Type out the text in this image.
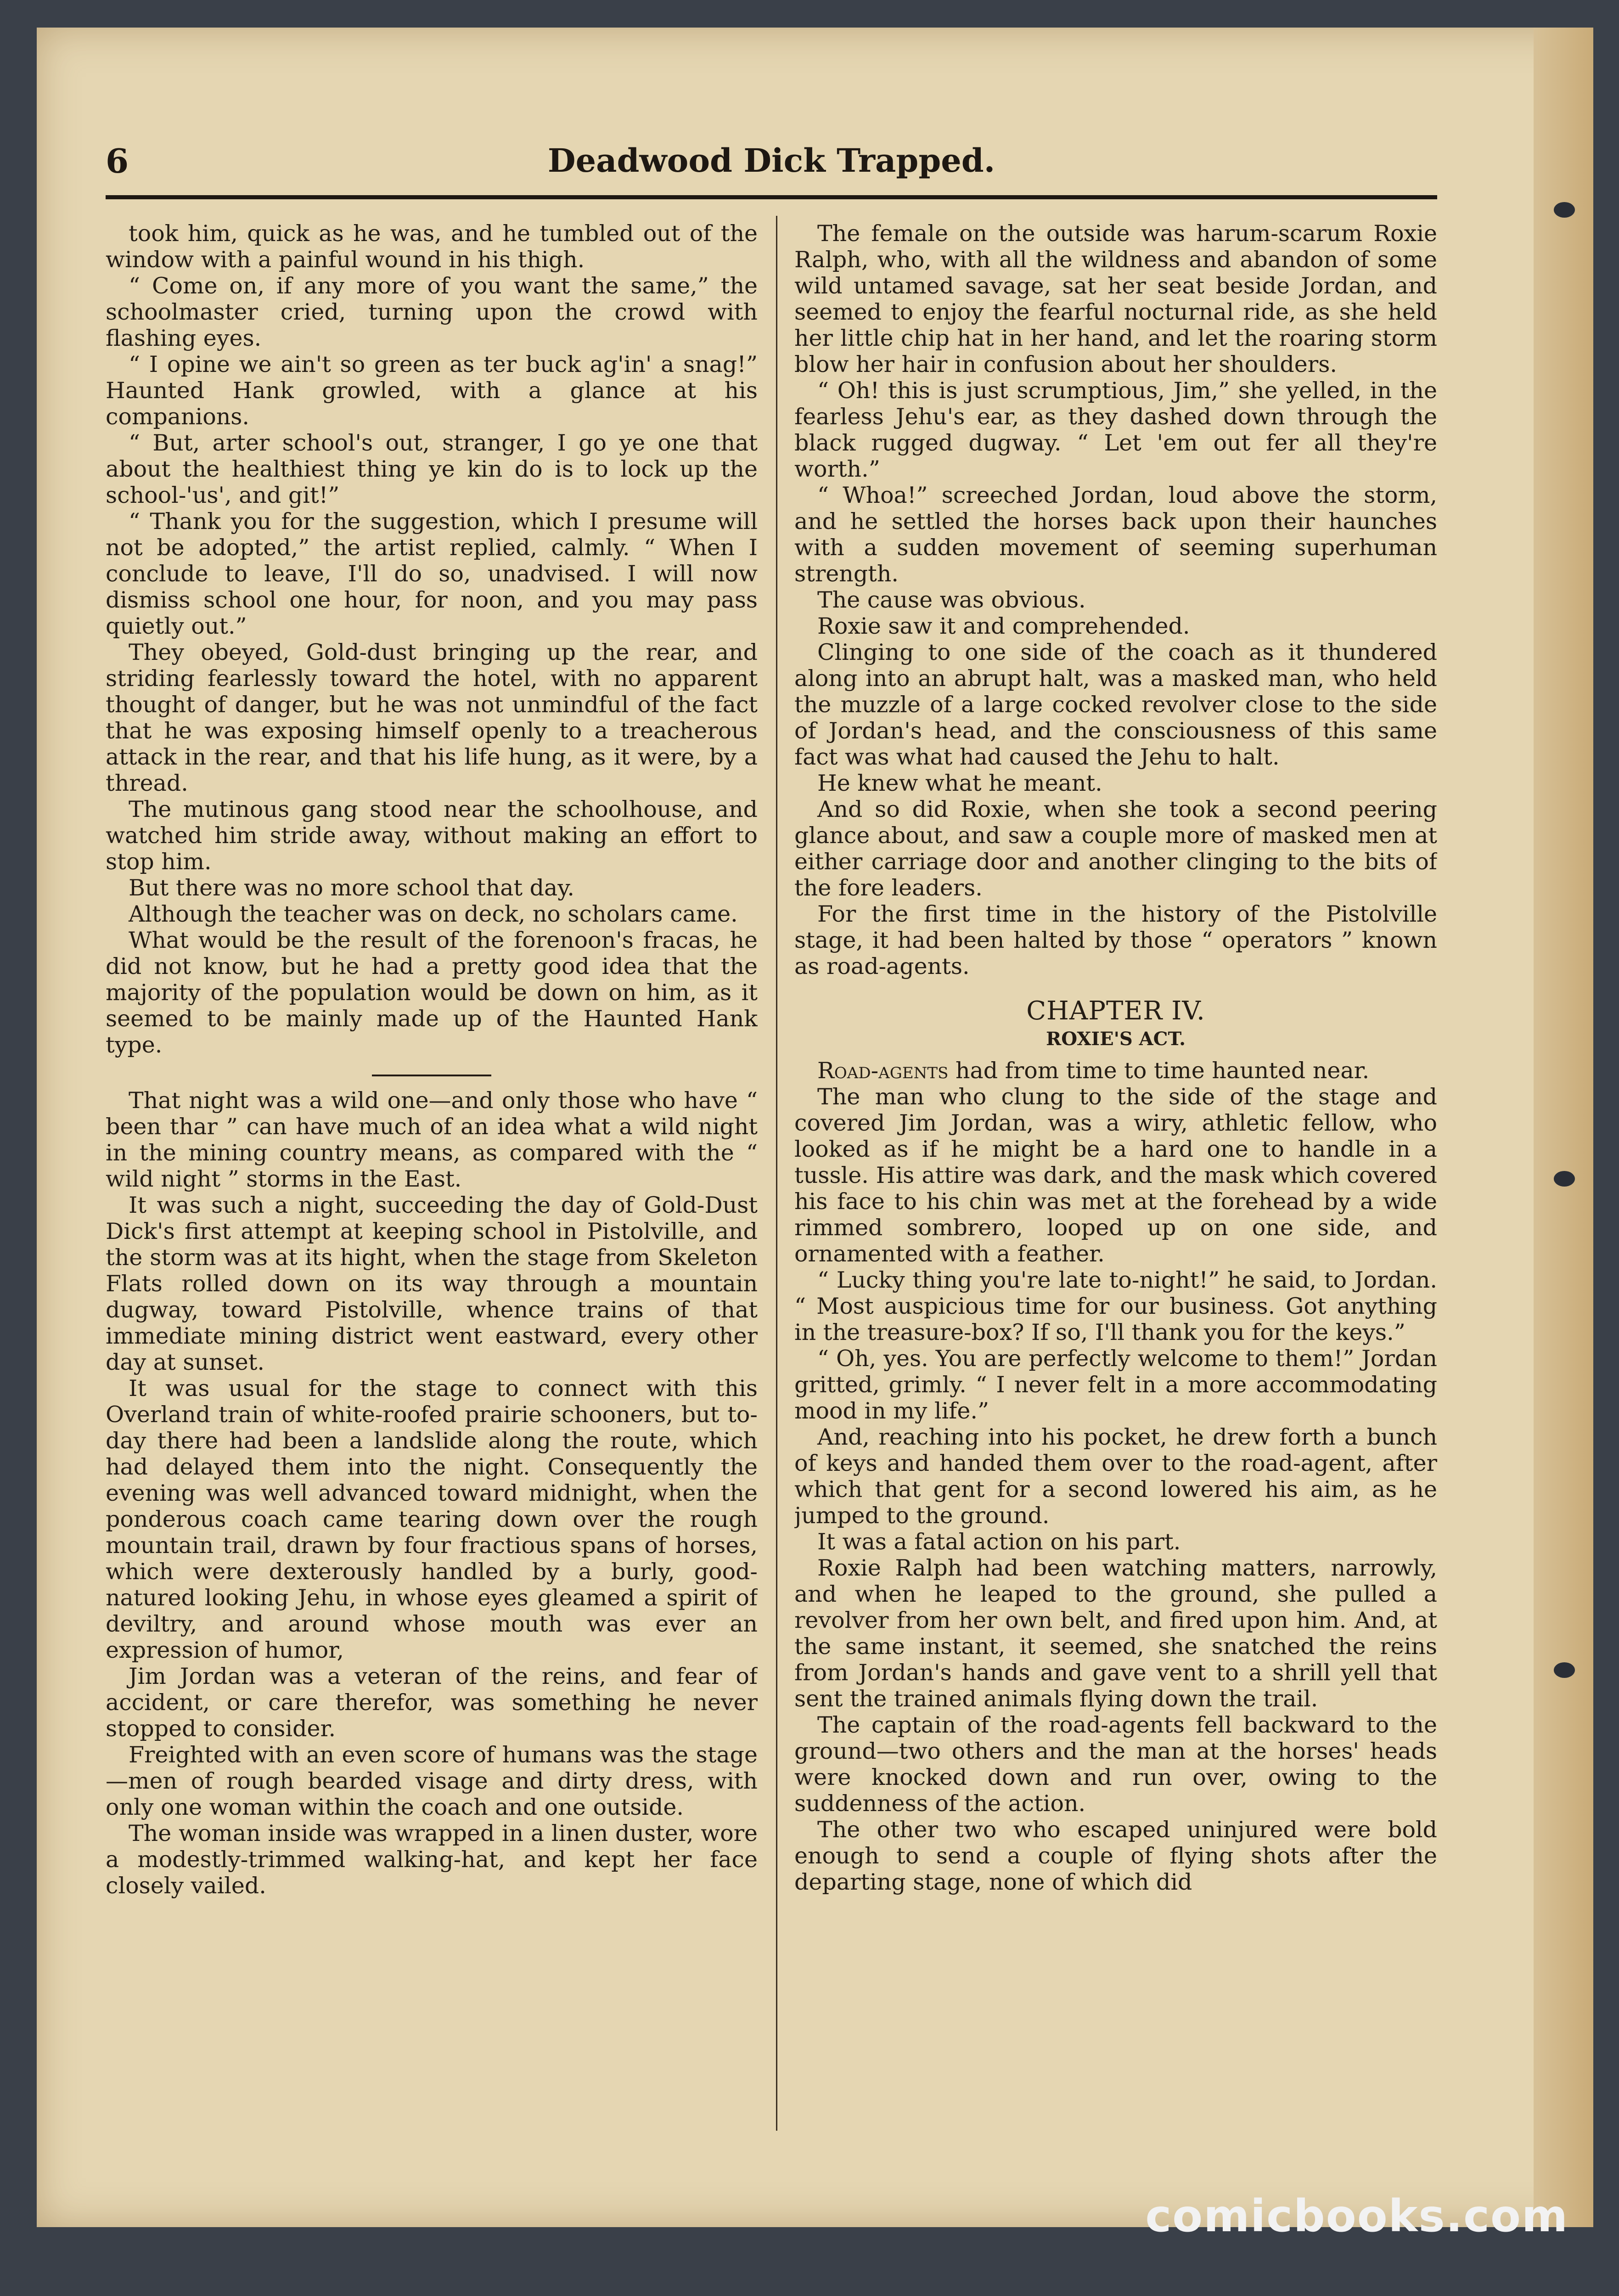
6	Deadwood Dick Trapped.

took him, quick as he was, and he tumbled out of the window with a painful wound in his thigh.

“ Come on, if any more of you want the same,” the schoolmaster cried, turning upon the crowd with flashing eyes.

“ I opine we ain't so green as ter buck ag'in' a snag!” Haunted Hank growled, with a glance at his companions.

“ But, arter school's out, stranger, I go ye one that about the healthiest thing ye kin do is to lock up the school-'us', and git!”

“ Thank you for the suggestion, which I presume will not be adopted,” the artist replied, calmly. “ When I conclude to leave, I'll do so, unadvised. I will now dismiss school one hour, for noon, and you may pass quietly out.”

They obeyed, Gold-dust bringing up the rear, and striding fearlessly toward the hotel, with no apparent thought of danger, but he was not unmindful of the fact that he was exposing himself openly to a treacherous attack in the rear, and that his life hung, as it were, by a thread.

The mutinous gang stood near the schoolhouse, and watched him stride away, without making an effort to stop him.

But there was no more school that day.

Although the teacher was on deck, no scholars came.

What would be the result of the forenoon's fracas, he did not know, but he had a pretty good idea that the majority of the population would be down on him, as it seemed to be mainly made up of the Haunted Hank type.

That night was a wild one—and only those who have “ been thar ” can have much of an idea what a wild night in the mining country means, as compared with the “ wild night ” storms in the East.

It was such a night, succeeding the day of Gold-Dust Dick's first attempt at keeping school in Pistolville, and the storm was at its hight, when the stage from Skeleton Flats rolled down on its way through a mountain dugway, toward Pistolville, whence trains of that immediate mining district went eastward, every other day at sunset.

It was usual for the stage to connect with this Overland train of white-roofed prairie schooners, but to-day there had been a landslide along the route, which had delayed them into the night. Consequently the evening was well advanced toward midnight, when the ponderous coach came tearing down over the rough mountain trail, drawn by four fractious spans of horses, which were dexterously handled by a burly, good-natured looking Jehu, in whose eyes gleamed a spirit of deviltry, and around whose mouth was ever an expression of humor,

Jim Jordan was a veteran of the reins, and fear of accident, or care therefor, was something he never stopped to consider.

Freighted with an even score of humans was the stage—men of rough bearded visage and dirty dress, with only one woman within the coach and one outside.

The woman inside was wrapped in a linen duster, wore a modestly-trimmed walking-hat, and kept her face closely vailed.

The female on the outside was harum-scarum Roxie Ralph, who, with all the wildness and abandon of some wild untamed savage, sat her seat beside Jordan, and seemed to enjoy the fearful nocturnal ride, as she held her little chip hat in her hand, and let the roaring storm blow her hair in confusion about her shoulders.

“ Oh! this is just scrumptious, Jim,” she yelled, in the fearless Jehu's ear, as they dashed down through the black rugged dugway. “ Let 'em out fer all they're worth.”

“ Whoa!” screeched Jordan, loud above the storm, and he settled the horses back upon their haunches with a sudden movement of seeming superhuman strength.

The cause was obvious.

Roxie saw it and comprehended.

Clinging to one side of the coach as it thundered along into an abrupt halt, was a masked man, who held the muzzle of a large cocked revolver close to the side of Jordan's head, and the consciousness of this same fact was what had caused the Jehu to halt.

He knew what he meant.

And so did Roxie, when she took a second peering glance about, and saw a couple more of masked men at either carriage door and another clinging to the bits of the fore leaders.

For the first time in the history of the Pistolville stage, it had been halted by those “ operators ” known as road-agents.

CHAPTER IV.

ROXIE'S ACT.

Road-agents had from time to time haunted near.

The man who clung to the side of the stage and covered Jim Jordan, was a wiry, athletic fellow, who looked as if he might be a hard one to handle in a tussle. His attire was dark, and the mask which covered his face to his chin was met at the forehead by a wide rimmed sombrero, looped up on one side, and ornamented with a feather.

“ Lucky thing you're late to-night!” he said, to Jordan. “ Most auspicious time for our business. Got anything in the treasure-box? If so, I'll thank you for the keys.”

“ Oh, yes. You are perfectly welcome to them!” Jordan gritted, grimly. “ I never felt in a more accommodating mood in my life.”

And, reaching into his pocket, he drew forth a bunch of keys and handed them over to the road-agent, after which that gent for a second lowered his aim, as he jumped to the ground.

It was a fatal action on his part.

Roxie Ralph had been watching matters, narrowly, and when he leaped to the ground, she pulled a revolver from her own belt, and fired upon him. And, at the same instant, it seemed, she snatched the reins from Jordan's hands and gave vent to a shrill yell that sent the trained animals flying down the trail.

The captain of the road-agents fell backward to the ground—two others and the man at the horses' heads were knocked down and run over, owing to the suddenness of the action.

The other two who escaped uninjured were bold enough to send a couple of flying shots after the departing stage, none of which did

comicbooks.com
